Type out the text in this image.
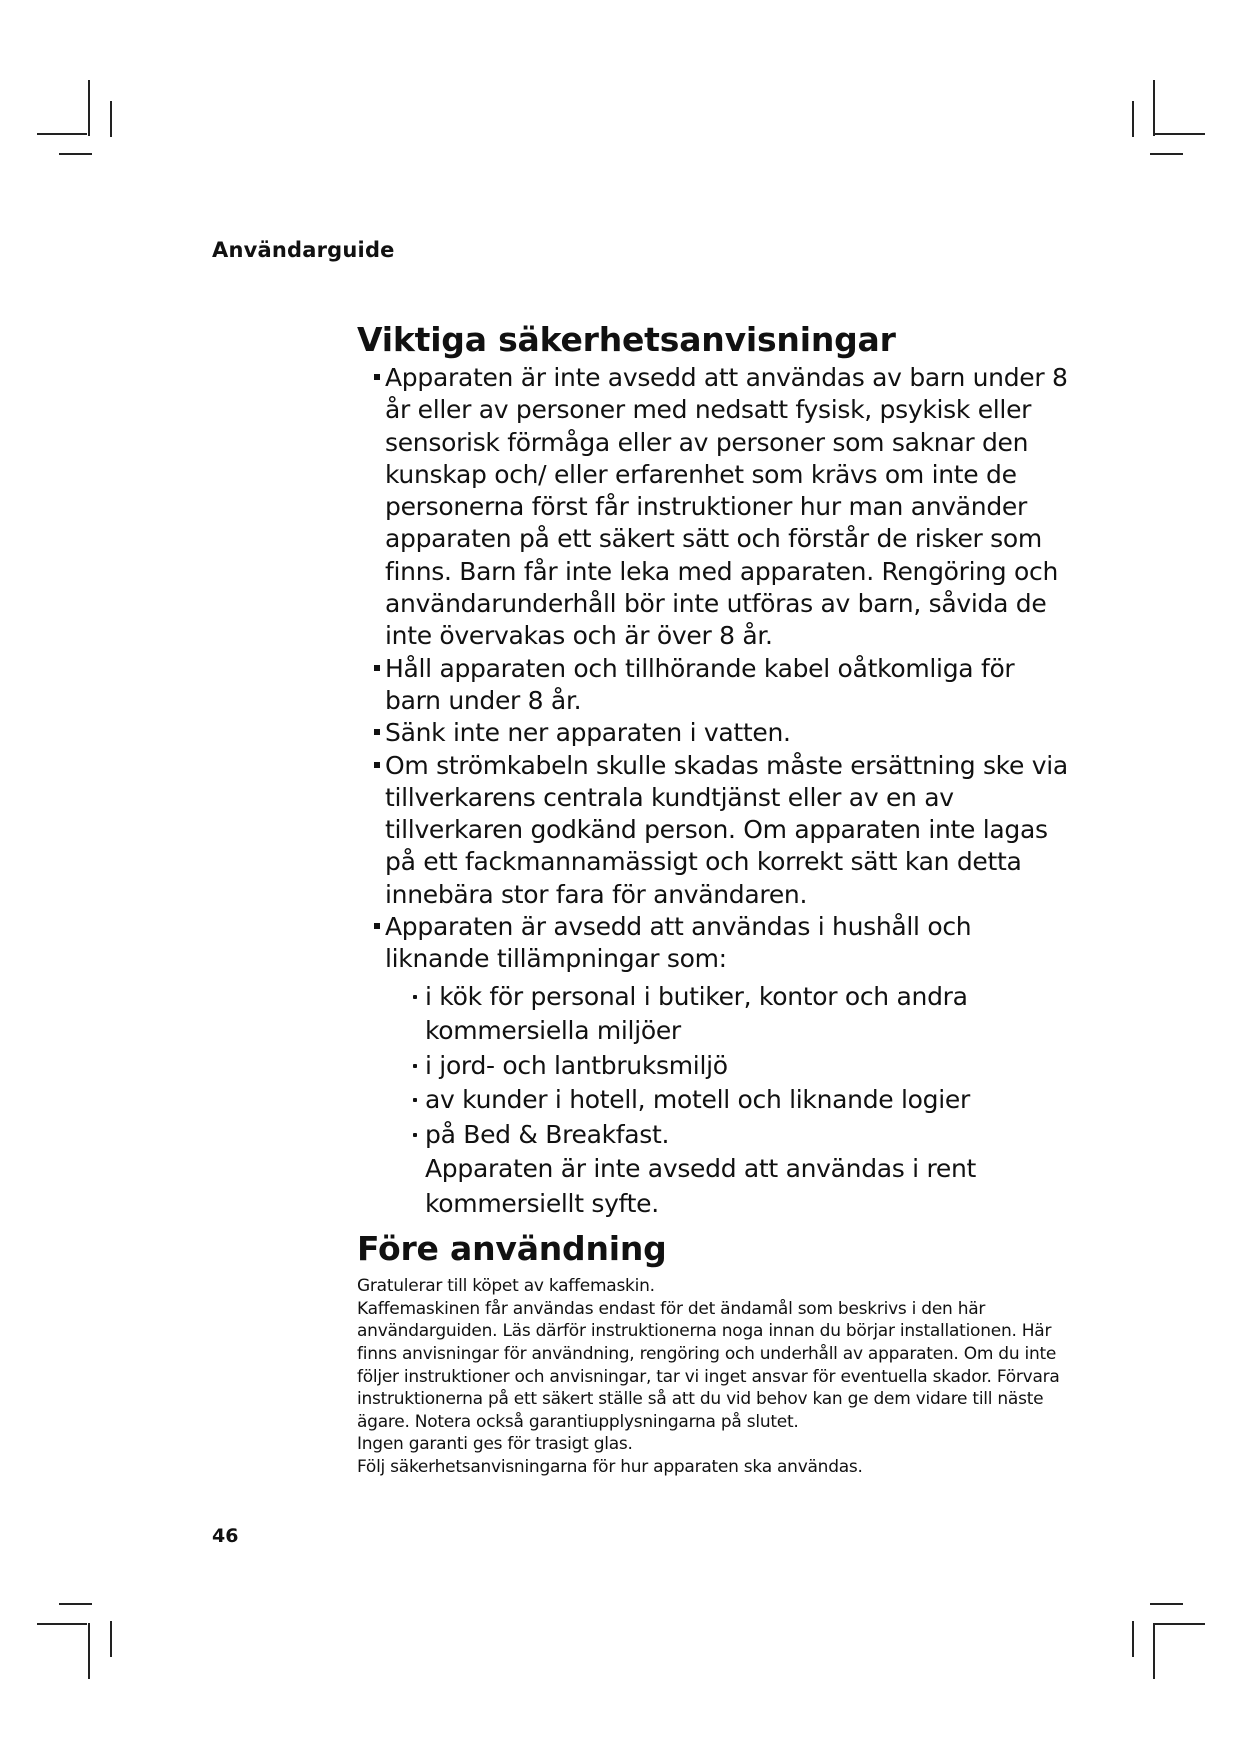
Användarguide
Viktiga säkerhetsanvisningar
Apparaten är inte avsedd att användas av barn under 8 år eller av personer med nedsatt fysisk, psykisk eller sensorisk förmåga eller av personer som saknar den kunskap och/ eller erfarenhet som krävs om inte de personerna först får instruktioner hur man använder apparaten på ett säkert sätt och förstår de risker som finns. Barn får inte leka med apparaten. Rengöring och användarunderhåll bör inte utföras av barn, såvida de inte övervakas och är över 8 år.
Håll apparaten och tillhörande kabel oåtkomliga för barn under 8 år.
Sänk inte ner apparaten i vatten.
Om strömkabeln skulle skadas måste ersättning ske via tillverkarens centrala kundtjänst eller av en av tillverkaren godkänd person. Om apparaten inte lagas på ett fackmannamässigt och korrekt sätt kan detta innebära stor fara för användaren.
Apparaten är avsedd att användas i hushåll och liknande tillämpningar som:
i kök för personal i butiker, kontor och andra kommersiella miljöer
i jord- och lantbruksmiljö
av kunder i hotell, motell och liknande logier
på Bed & Breakfast.
Apparaten är inte avsedd att användas i rent kommersiellt syfte.
Före användning

Gratulerar till köpet av kaffemaskin.

Kaffemaskinen får användas endast för det ändamål som beskrivs i den här användarguiden. Läs därför instruktionerna noga innan du börjar installationen. Här finns anvisningar för användning, rengöring och underhåll av apparaten. Om du inte följer instruktioner och anvisningar, tar vi inget ansvar för eventuella skador. Förvara instruktionerna på ett säkert ställe så att du vid behov kan ge dem vidare till näste ägare. Notera också garantiupplysningarna på slutet.

Ingen garanti ges för trasigt glas.

Följ säkerhetsanvisningarna för hur apparaten ska användas.

46
